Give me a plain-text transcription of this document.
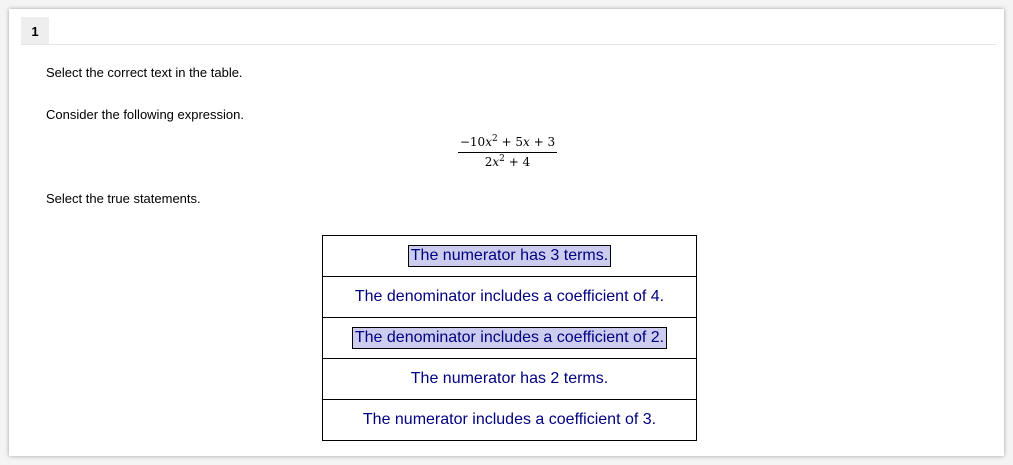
1
Select the correct text in the table.
Consider the following expression.
$\frac{-10x^2 + 5x + 3}{2x^2 + 4}$
Select the true statements.
The numerator has 3 terms.
The denominator includes a coefficient of 4.
The denominator includes a coefficient of 2.
The numerator has 2 terms.
The numerator includes a coefficient of 3.
